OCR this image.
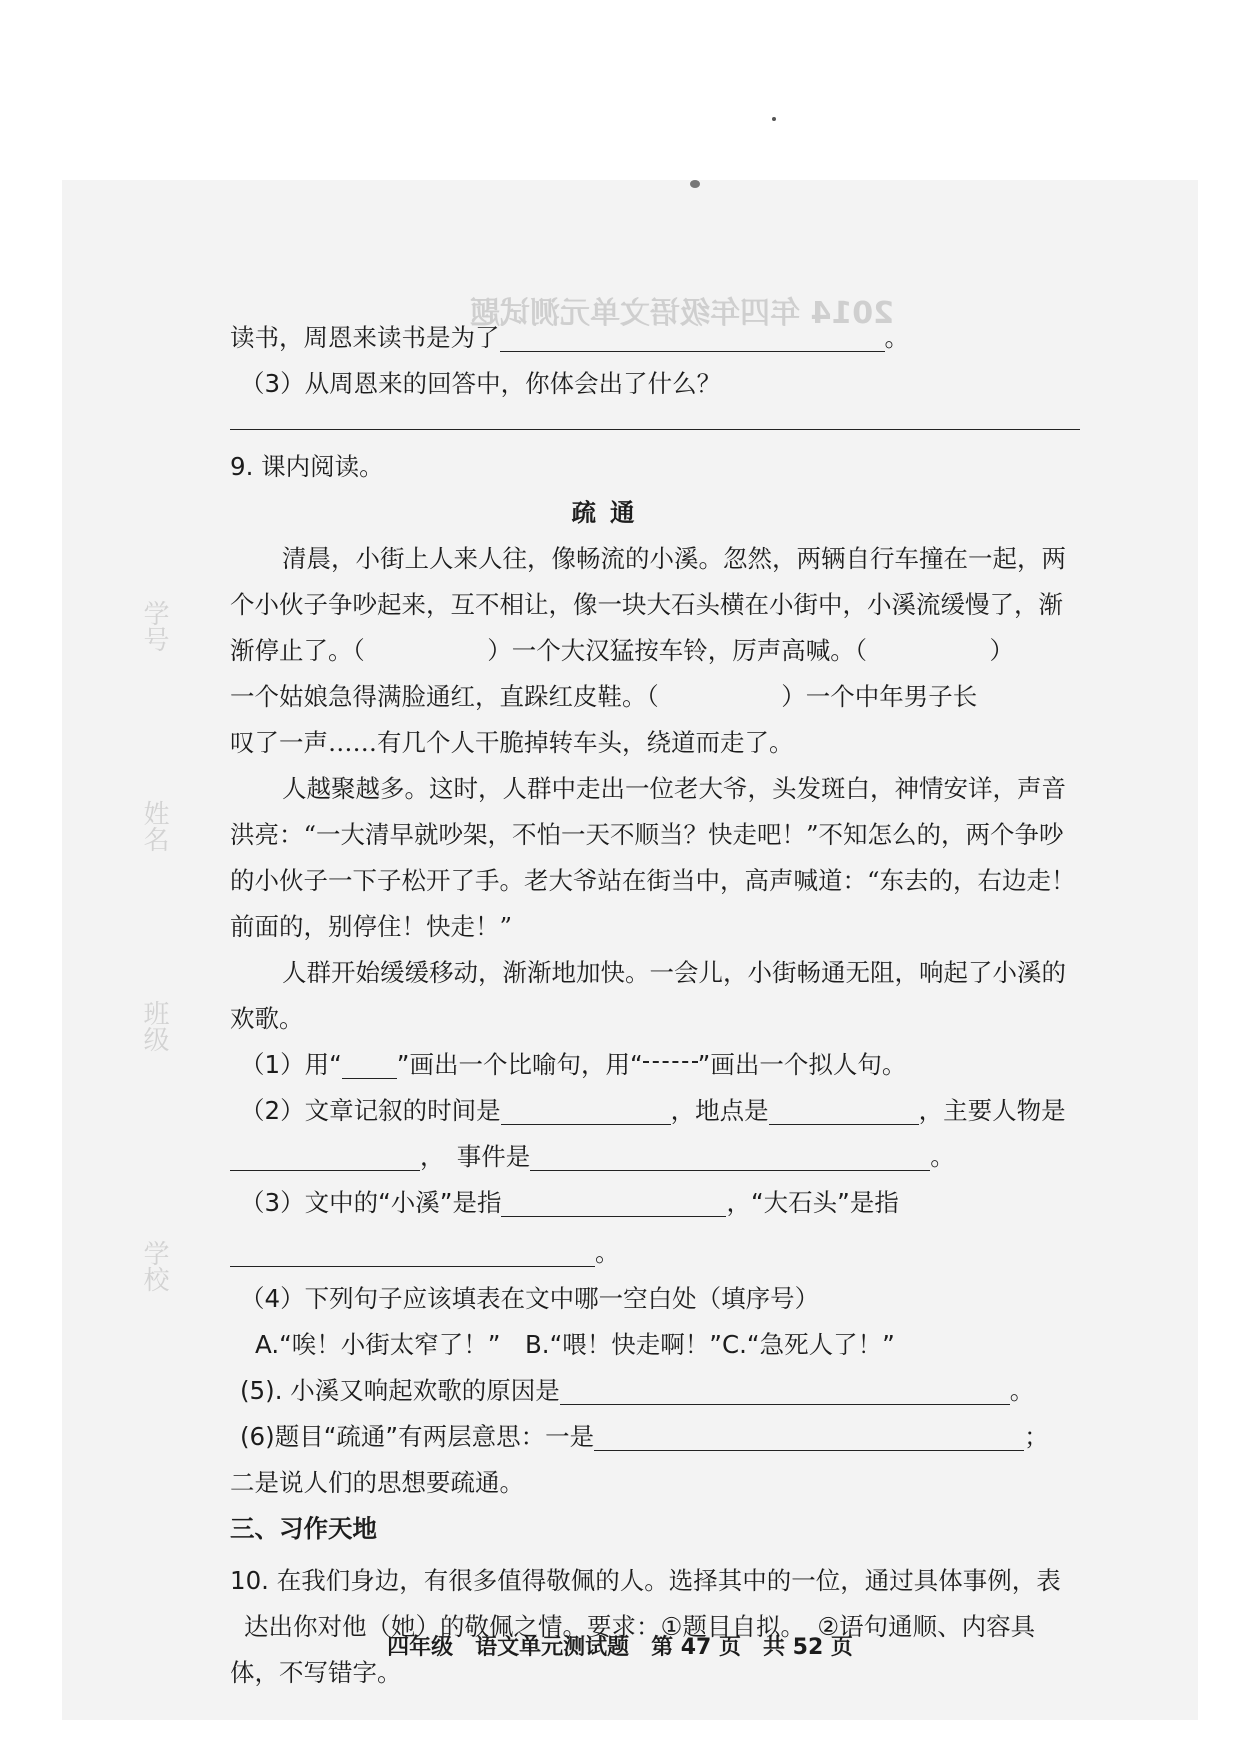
2014 年四年级语文单元测试题
学号
姓名
班级
学校
读书，周恩来读书是为了	。
（3）从周恩来的回答中，你体会出了什么？
9. 课内阅读。
疏通
清晨，小街上人来人往，像畅流的小溪。忽然，两辆自行车撞在一起，两
个小伙子争吵起来，互不相让，像一块大石头横在小街中，小溪流缓慢了，渐
渐停止了。（　　　　　）一个大汉猛按车铃，厉声高喊。（　　　　　）
一个姑娘急得满脸通红，直跺红皮鞋。（　　　　　）一个中年男子长
叹了一声……有几个人干脆掉转车头，绕道而走了。
人越聚越多。这时，人群中走出一位老大爷，头发斑白，神情安详，声音
洪亮：“一大清早就吵架，不怕一天不顺当？快走吧！”不知怎么的，两个争吵
的小伙子一下子松开了手。老大爷站在街当中，高声喊道：“东去的，右边走！
前面的，别停住！快走！”
人群开始缓缓移动，渐渐地加快。一会儿，小街畅通无阻，响起了小溪的
欢歌。
（1）用“ ”画出一个比喻句，用“ ”画出一个拟人句。
（2）文章记叙的时间是	，地点是	，主要人物是
，　事件是	。
（3）文中的“小溪”是指	，“大石头”是指
。
（4）下列句子应该填表在文中哪一空白处（填序号）
A.“唉！小街太窄了！”　B.“喂！快走啊！”C.“急死人了！”
(5). 小溪又响起欢歌的原因是	。
(6)题目“疏通”有两层意思：一是	；
二是说人们的思想要疏通。
三、习作天地
10. 在我们身边，有很多值得敬佩的人。选择其中的一位，通过具体事例，表
达出你对他（她）的敬佩之情。要求：①题目自拟。　②语句通顺、内容具
体，不写错字。
四年级　语文单元测试题　第 47 页　共 52 页
